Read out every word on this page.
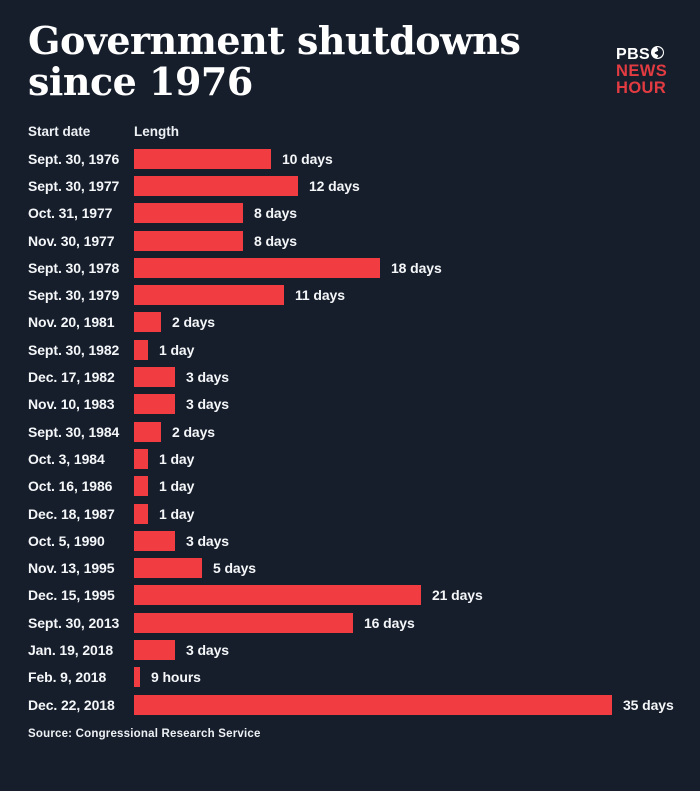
PBS
NEWS
HOUR
Government shutdowns
since 1976
Start date	Length
Sept. 30, 1976	10 days
Sept. 30, 1977	12 days
Oct. 31, 1977	8 days
Nov. 30, 1977	8 days
Sept. 30, 1978	18 days
Sept. 30, 1979	11 days
Nov. 20, 1981	2 days
Sept. 30, 1982	1 day
Dec. 17, 1982	3 days
Nov. 10, 1983	3 days
Sept. 30, 1984	2 days
Oct. 3, 1984	1 day
Oct. 16, 1986	1 day
Dec. 18, 1987	1 day
Oct. 5, 1990	3 days
Nov. 13, 1995	5 days
Dec. 15, 1995	21 days
Sept. 30, 2013	16 days
Jan. 19, 2018	3 days
Feb. 9, 2018	9 hours
Dec. 22, 2018	35 days
Source: Congressional Research Service
